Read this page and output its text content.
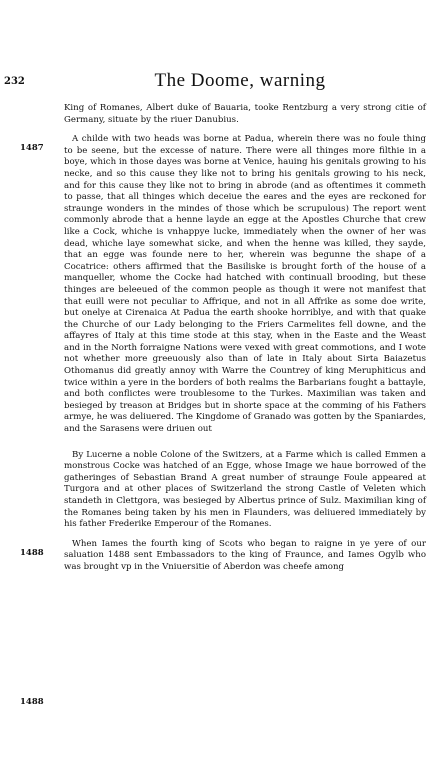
232	The Doome, warning
1487
1488
1488

King of Romanes, Albert duke of Bauaria, tooke Rentzburg a very strong citie of Germany, situate by the riuer Danubius.

A childe with two heads was borne at Padua, wherein there was no foule thing to be seene, but the excesse of nature. There were all thinges more filthie in a boye, which in those dayes was borne at Venice, hauing his genitals growing to his necke, and so this cause they like not to bring his genitals growing to his neck, and for this cause they like not to bring in abrode (and as oftentimes it commeth to passe, that all thinges which deceiue the eares and the eyes are reckoned for straunge wonders in the mindes of those which be scrupulous) The report went commonly abrode that a henne layde an egge at the Apostles Churche that crew like a Cock, whiche is vnhappye lucke, immediately when the owner of her was dead, whiche laye somewhat sicke, and when the henne was killed, they sayde, that an egge was founde nere to her, wherein was begunne the shape of a Cocatrice: others affirmed that the Basiliske is brought forth of the house of a manqueller, whome the Cocke had hatched with continuall brooding, but these thinges are beleeued of the common people as though it were not manifest that that euill were not peculiar to Affrique, and not in all Affrike as some doe write, but onelye at Cirenaica At Padua the earth shooke horriblye, and with that quake the Churche of our Lady belonging to the Friers Carmelites fell downe, and the affayres of Italy at this time stode at this stay, when in the Easte and the Weast and in the North forraigne Nations were vexed with great commotions, and I wote not whether more greeuously also than of late in Italy about Sirta Baiazetus Othomanus did greatly annoy with Warre the Countrey of king Meruphiticus and twice within a yere in the borders of both realms the Barbarians fought a battayle, and both conflictes were troublesome to the Turkes. Maximilian was taken and besieged by treason at Bridges but in shorte space at the comming of his Fathers armye, he was deliuered. The Kingdome of Granado was gotten by the Spaniardes, and the Sarasens were driuen out

By Lucerne a noble Colone of the Switzers, at a Farme which is called Emmen a monstrous Cocke was hatched of an Egge, whose Image we haue borrowed of the gatheringes of Sebastian Brand A great number of straunge Foule appeared at Turgora and at other places of Switzerland the strong Castle of Veleten which standeth in Clettgora, was besieged by Albertus prince of Sulz. Maximilian king of the Romanes being taken by his men in Flaunders, was deliuered immediately by his father Frederike Emperour of the Romanes.

When Iames the fourth king of Scots who began to raigne in ye yere of our saluation 1488 sent Embassadors to the king of Fraunce, and Iames Ogylb who was brought vp in the Vniuersitie of Aberdon was cheefe among
